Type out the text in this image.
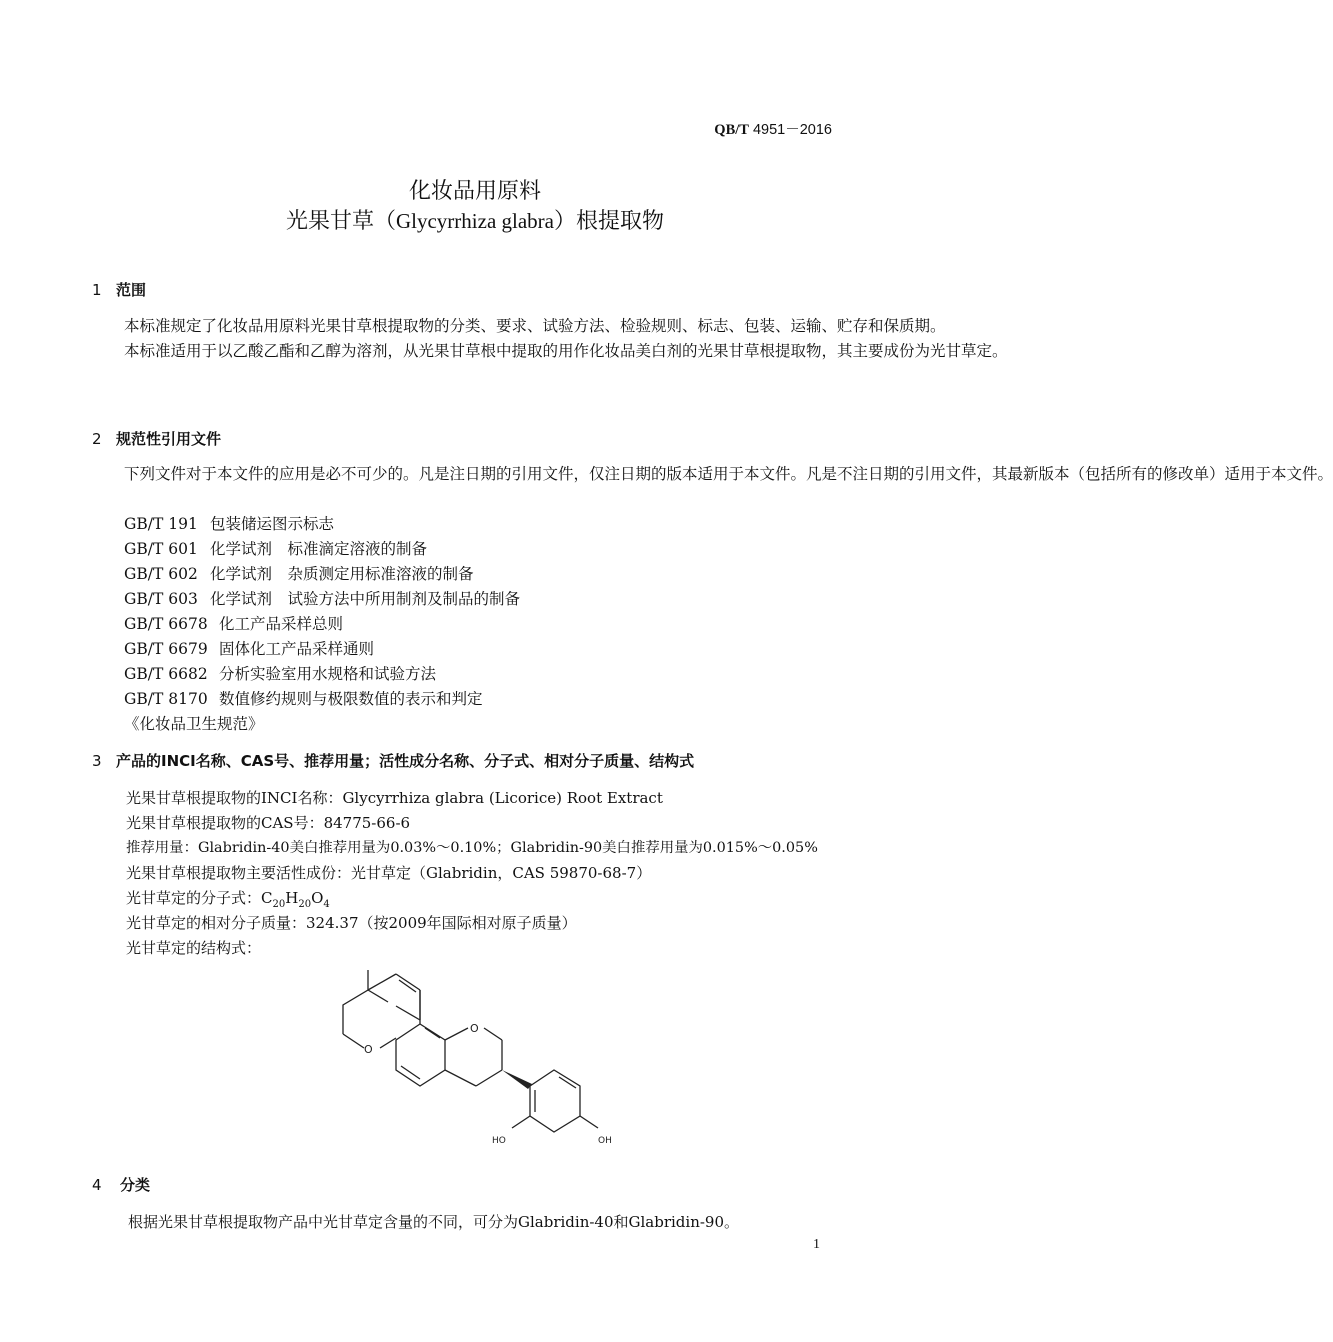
QB/T 4951－2016
化妆品用原料
光果甘草（Glycyrrhiza glabra）根提取物
1 范围

本标准规定了化妆品用原料光果甘草根提取物的分类、要求、试验方法、检验规则、标志、包装、运输、贮存和保质期。

本标准适用于以乙酸乙酯和乙醇为溶剂，从光果甘草根中提取的用作化妆品美白剂的光果甘草根提取物，其主要成份为光甘草定。

2 规范性引用文件

下列文件对于本文件的应用是必不可少的。凡是注日期的引用文件，仅注日期的版本适用于本文件。凡是不注日期的引用文件，其最新版本（包括所有的修改单）适用于本文件。

GB/T 191 包装储运图示标志
GB/T 601 化学试剂　标准滴定溶液的制备
GB/T 602 化学试剂　杂质测定用标准溶液的制备
GB/T 603 化学试剂　试验方法中所用制剂及制品的制备
GB/T 6678 化工产品采样总则
GB/T 6679 固体化工产品采样通则
GB/T 6682 分析实验室用水规格和试验方法
GB/T 8170 数值修约规则与极限数值的表示和判定
《化妆品卫生规范》
3 产品的INCI名称、CAS号、推荐用量；活性成分名称、分子式、相对分子质量、结构式
光果甘草根提取物的INCI名称：Glycyrrhiza glabra (Licorice) Root Extract
光果甘草根提取物的CAS号：84775-66-6
推荐用量：Glabridin-40美白推荐用量为0.03%～0.10%；Glabridin-90美白推荐用量为0.015%～0.05%
光果甘草根提取物主要活性成份：光甘草定（Glabridin，CAS 59870-68-7）
光甘草定的分子式：$C_{20}H_{20}O_4$
光甘草定的相对分子质量：324.37（按2009年国际相对原子质量）
光甘草定的结构式：
O
O
HO	OH
4 分类
根据光果甘草根提取物产品中光甘草定含量的不同，可分为Glabridin-40和Glabridin-90。
1
